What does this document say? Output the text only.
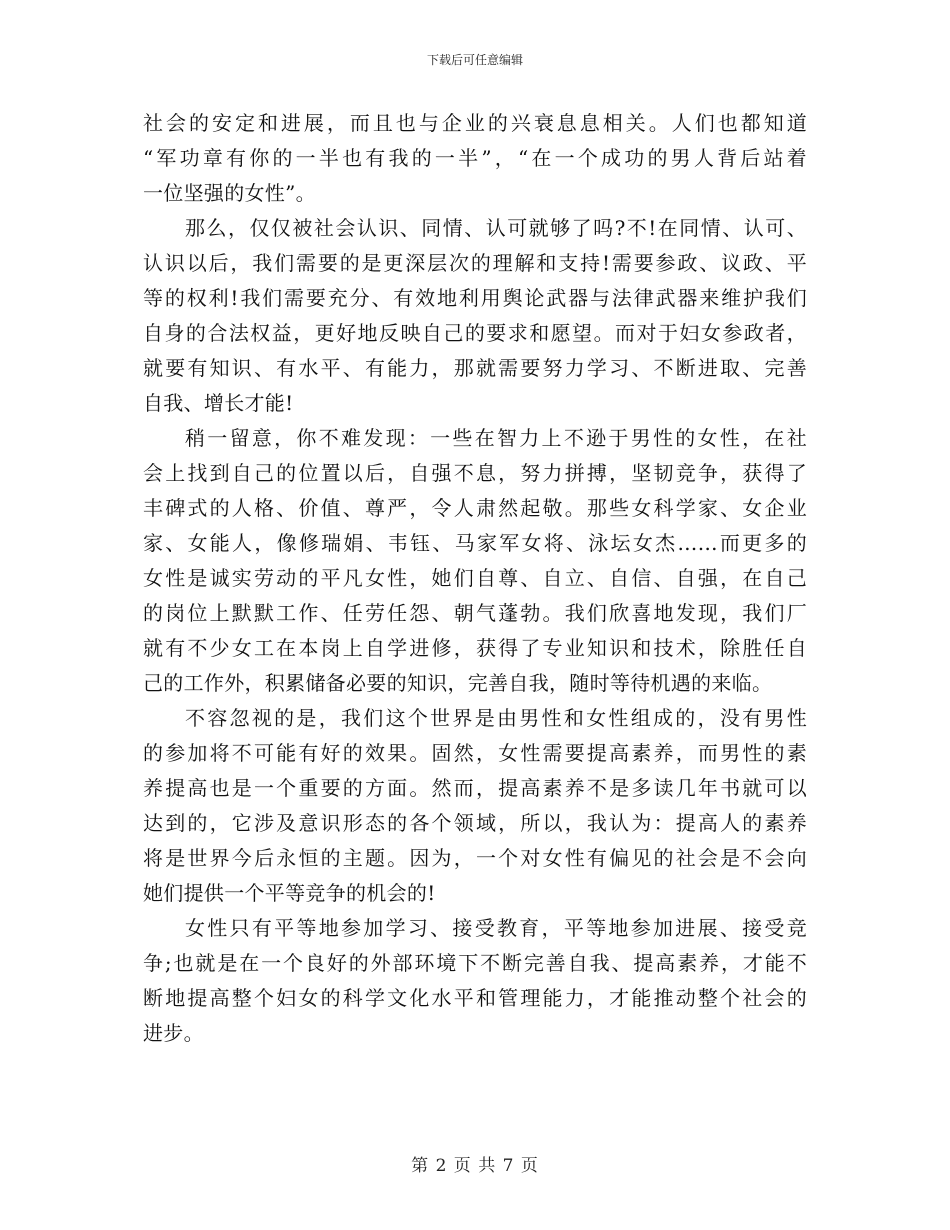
下载后可任意编辑
社会的安定和进展，而且也与企业的兴衰息息相关。人们也都知道
“军功章有你的一半也有我的一半”，“在一个成功的男人背后站着
一位坚强的女性”。
那么，仅仅被社会认识、同情、认可就够了吗?不!在同情、认可、
认识以后，我们需要的是更深层次的理解和支持!需要参政、议政、平
等的权利!我们需要充分、有效地利用舆论武器与法律武器来维护我们
自身的合法权益，更好地反映自己的要求和愿望。而对于妇女参政者，
就要有知识、有水平、有能力，那就需要努力学习、不断进取、完善
自我、增长才能!
稍一留意，你不难发现：一些在智力上不逊于男性的女性，在社
会上找到自己的位置以后，自强不息，努力拼搏，坚韧竞争，获得了
丰碑式的人格、价值、尊严，令人肃然起敬。那些女科学家、女企业
家、女能人，像修瑞娟、韦钰、马家军女将、泳坛女杰……而更多的
女性是诚实劳动的平凡女性，她们自尊、自立、自信、自强，在自己
的岗位上默默工作、任劳任怨、朝气蓬勃。我们欣喜地发现，我们厂
就有不少女工在本岗上自学进修，获得了专业知识和技术，除胜任自
己的工作外，积累储备必要的知识，完善自我，随时等待机遇的来临。
不容忽视的是，我们这个世界是由男性和女性组成的，没有男性
的参加将不可能有好的效果。固然，女性需要提高素养，而男性的素
养提高也是一个重要的方面。然而，提高素养不是多读几年书就可以
达到的，它涉及意识形态的各个领域，所以，我认为：提高人的素养
将是世界今后永恒的主题。因为，一个对女性有偏见的社会是不会向
她们提供一个平等竞争的机会的!
女性只有平等地参加学习、接受教育，平等地参加进展、接受竞
争;也就是在一个良好的外部环境下不断完善自我、提高素养，才能不
断地提高整个妇女的科学文化水平和管理能力，才能推动整个社会的
进步。
第 2 页 共 7 页
